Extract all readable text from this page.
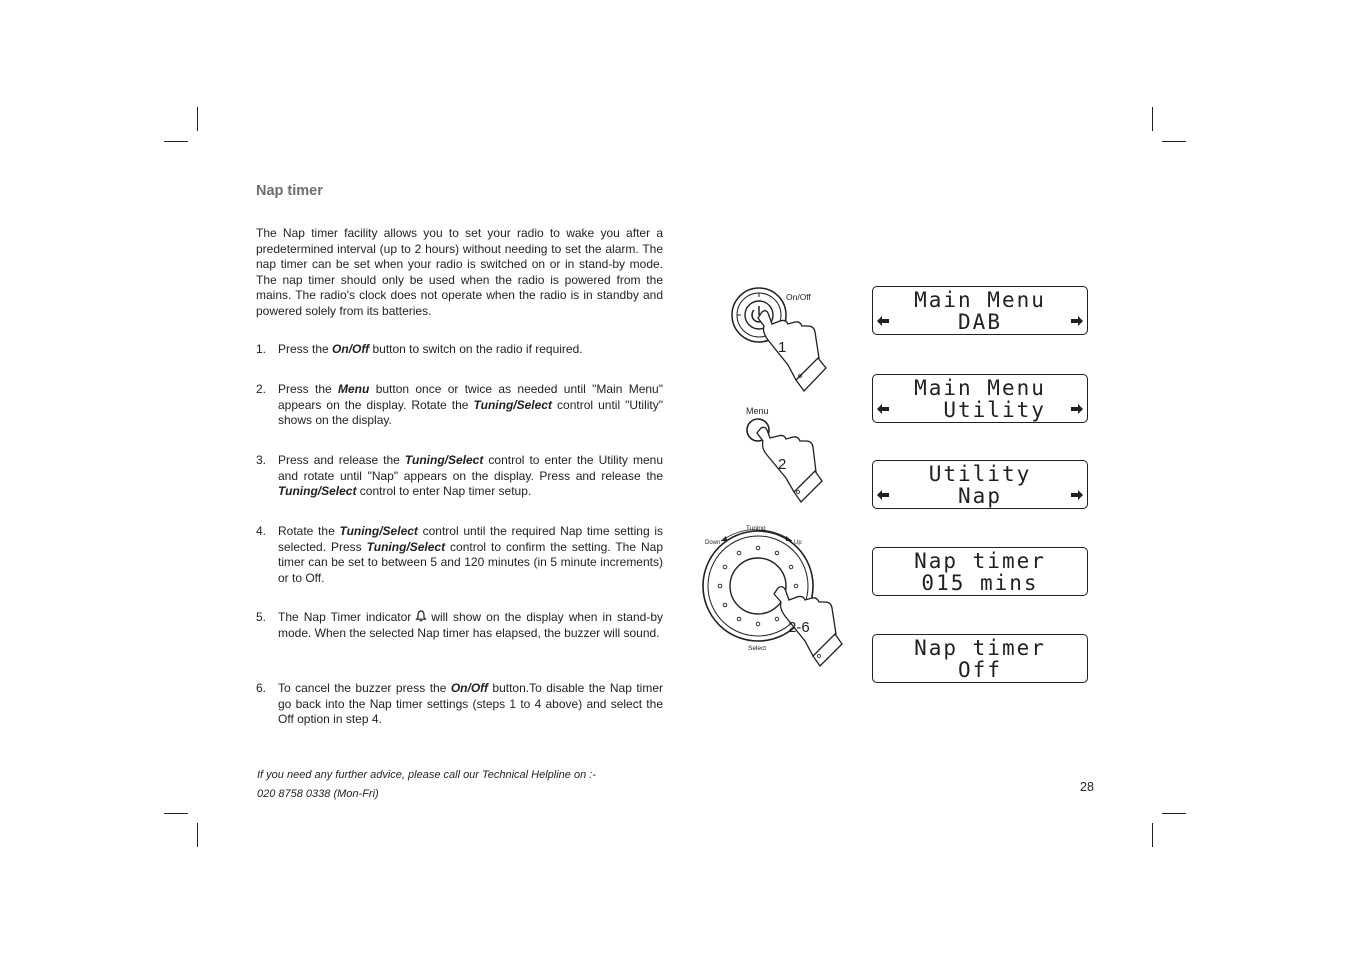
Nap timer
The Nap timer facility allows you to set your radio to wake you after a predetermined interval (up to 2 hours) without needing to set the alarm. The nap timer can be set when your radio is switched on or in stand-by mode. The nap timer should only be used when the radio is powered from the mains. The radio's clock does not operate when the radio is in standby and powered solely from its batteries.
1. Press the On/Off button to switch on the radio if required.
2. Press the Menu button once or twice as needed until "Main Menu" appears on the display. Rotate the Tuning/Select control until "Utility" shows on the display.
3. Press and release the Tuning/Select control to enter the Utility menu and rotate until "Nap" appears on the display. Press and release the Tuning/Select control to enter Nap timer setup.
4. Rotate the Tuning/Select control until the required Nap time setting is selected. Press Tuning/Select control to confirm the setting. The Nap timer can be set to between 5 and 120 minutes (in 5 minute increments) or to Off.
5. The Nap Timer indicator will show on the display when in stand-by mode. When the selected Nap timer has elapsed, the buzzer will sound.
6. To cancel the buzzer press the On/Off button.To disable the Nap timer go back into the Nap timer settings (steps 1 to 4 above) and select the Off option in step 4.
If you need any further advice, please call our Technical Helpline on :-
020 8758 0338 (Mon-Fri)	28
On/Off
1
Menu
2
Tuning
Down	Up
Select
2-6
Main Menu
DAB
Main Menu
Utility
Utility
Nap
Nap timer
015 mins
Nap timer
Off
